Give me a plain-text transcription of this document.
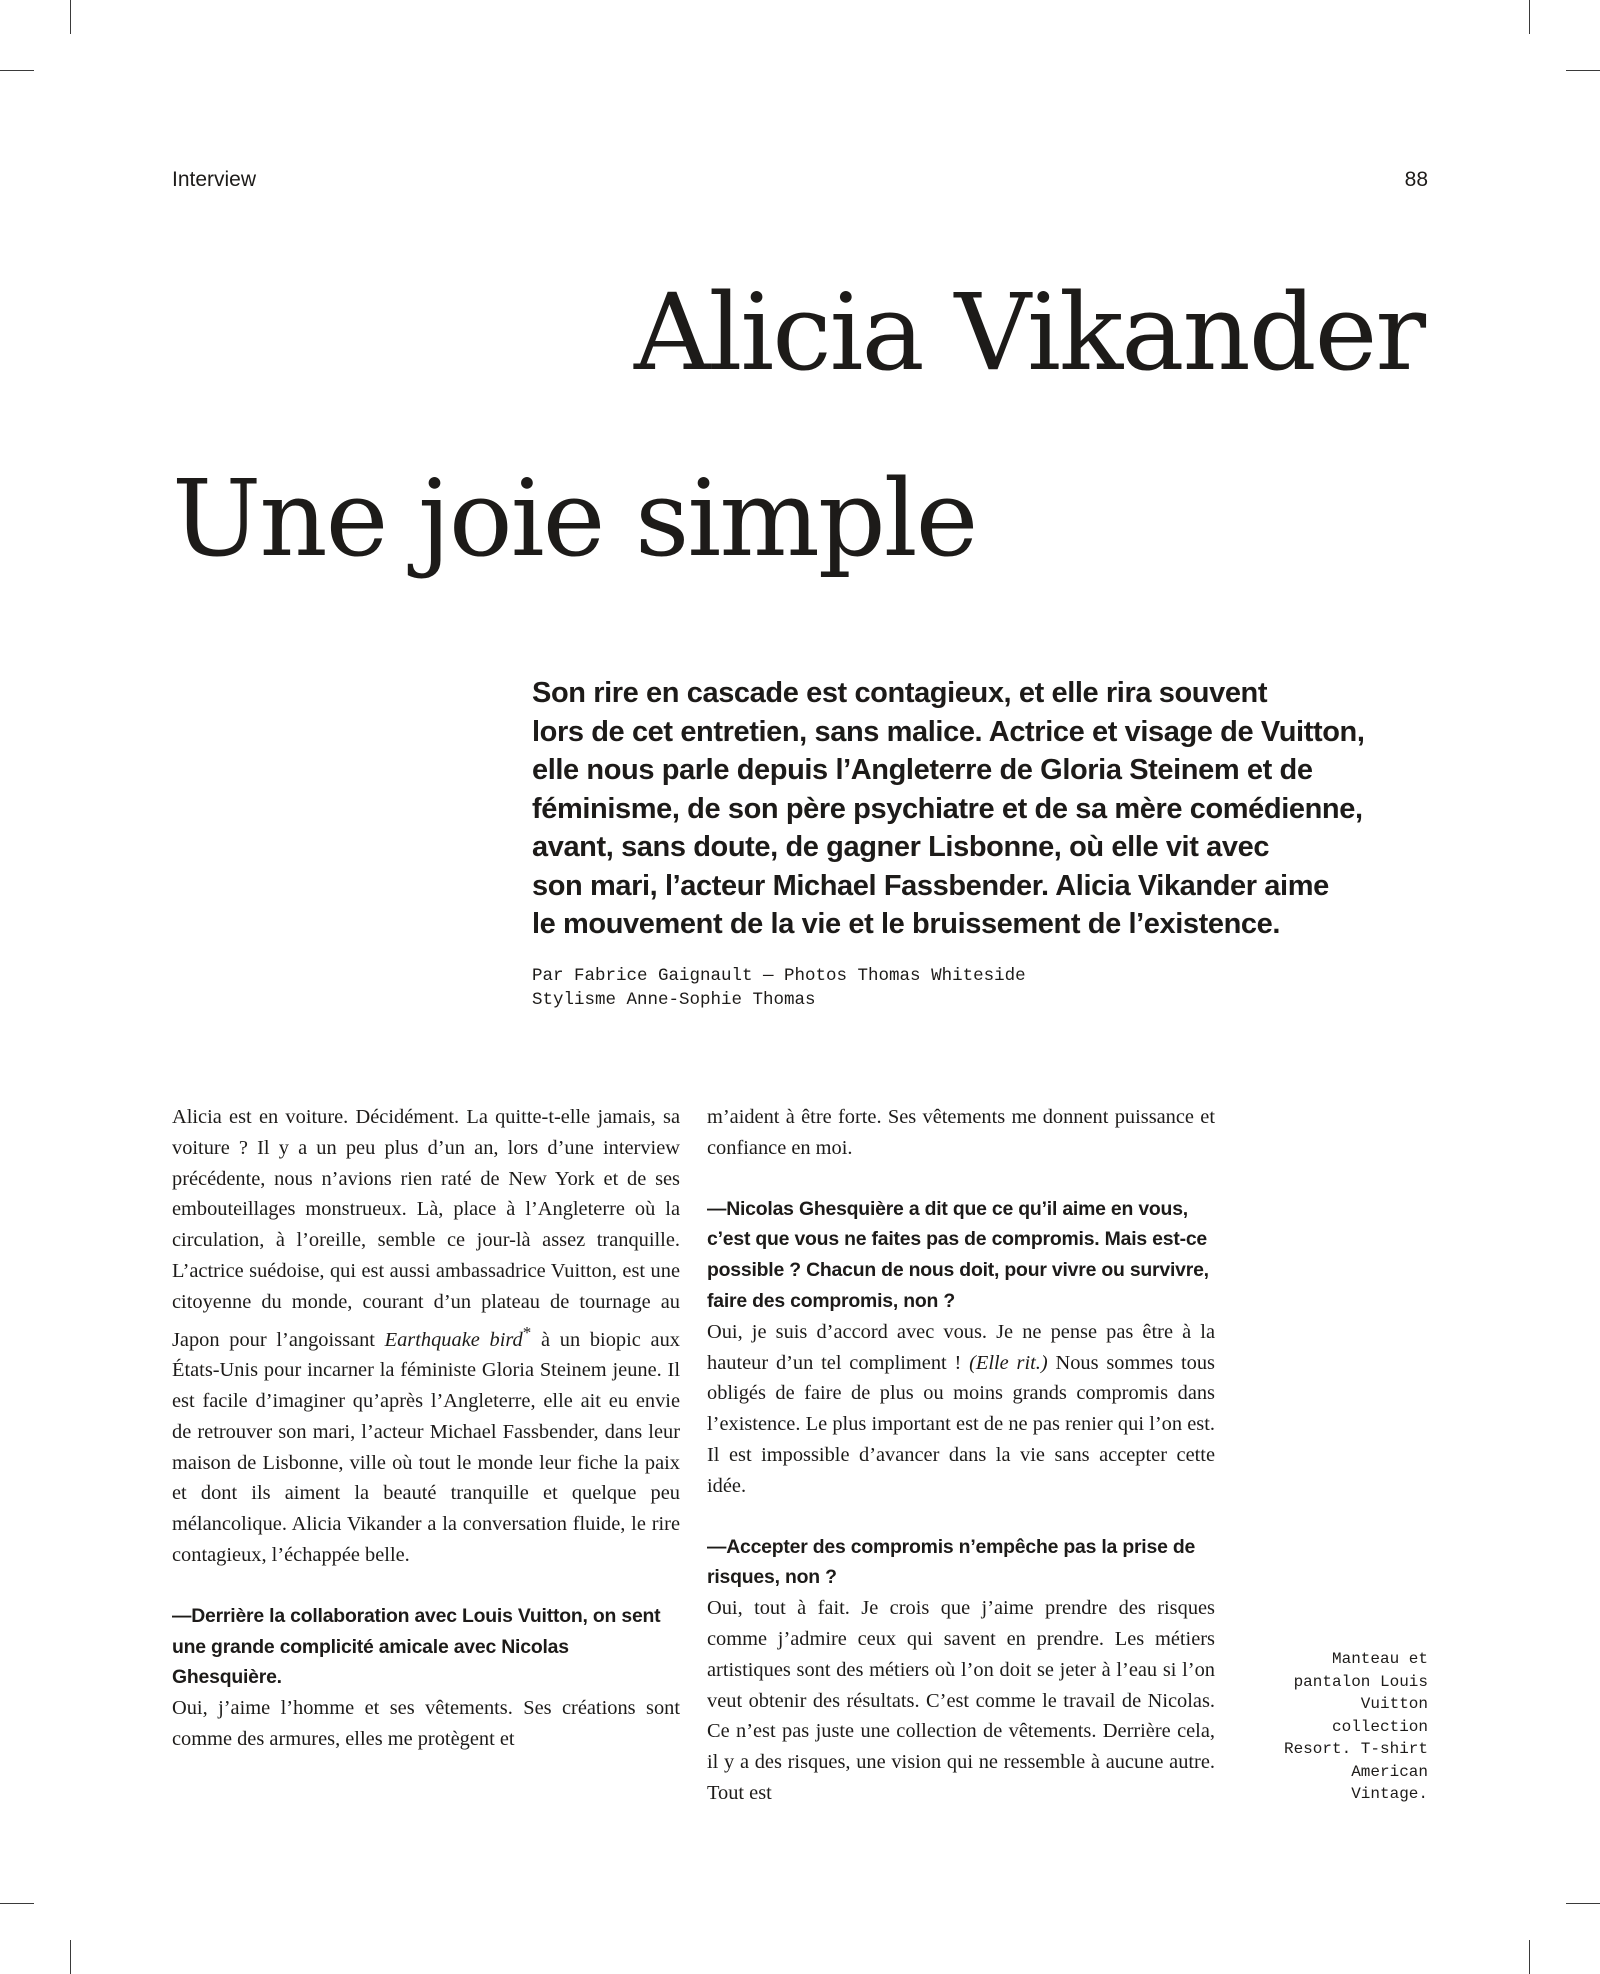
Interview	88
Alicia Vikander
Une joie simple

Son rire en cascade est contagieux, et elle rira souvent
lors de cet entretien, sans malice. Actrice et visage de Vuitton,
elle nous parle depuis l’Angleterre de Gloria Steinem et de
féminisme, de son père psychiatre et de sa mère comédienne,
avant, sans doute, de gagner Lisbonne, où elle vit avec
son mari, l’acteur Michael Fassbender. Alicia Vikander aime
le mouvement de la vie et le bruissement de l’existence.

Par Fabrice Gaignault — Photos Thomas Whiteside
Stylisme Anne-Sophie Thomas

Alicia est en voiture. Décidément. La quitte-t-elle jamais, sa voiture ? Il y a un peu plus d’un an, lors d’une interview précédente, nous n’avions rien raté de New York et de ses embouteillages monstrueux. Là, place à l’Angleterre où la circulation, à l’oreille, semble ce jour-là assez tranquille. L’actrice suédoise, qui est aussi ambassadrice Vuitton, est une citoyenne du monde, courant d’un plateau de tournage au Japon pour l’angoissant Earthquake bird* à un biopic aux États-Unis pour incarner la féministe Gloria Steinem jeune. Il est facile d’imaginer qu’après l’Angleterre, elle ait eu envie de retrouver son mari, l’acteur Michael Fassbender, dans leur maison de Lisbonne, ville où tout le monde leur fiche la paix et dont ils aiment la beauté tranquille et quelque peu mélancolique. Alicia Vikander a la conversation fluide, le rire contagieux, l’échappée belle.

—Derrière la collaboration avec Louis Vuitton, on sent une grande complicité amicale avec Nicolas Ghesquière.

Oui, j’aime l’homme et ses vêtements. Ses créations sont comme des armures, elles me protègent et

m’aident à être forte. Ses vêtements me donnent puissance et confiance en moi.

—Nicolas Ghesquière a dit que ce qu’il aime en vous, c’est que vous ne faites pas de compromis. Mais est-ce possible ? Chacun de nous doit, pour vivre ou survivre, faire des compromis, non ?

Oui, je suis d’accord avec vous. Je ne pense pas être à la hauteur d’un tel compliment ! (Elle rit.) Nous sommes tous obligés de faire de plus ou moins grands compromis dans l’existence. Le plus important est de ne pas renier qui l’on est. Il est impossible d’avancer dans la vie sans accepter cette idée.

—Accepter des compromis n’empêche pas la prise de risques, non ?

Oui, tout à fait. Je crois que j’aime prendre des risques comme j’admire ceux qui savent en prendre. Les métiers artistiques sont des métiers où l’on doit se jeter à l’eau si l’on veut obtenir des résultats. C’est comme le travail de Nicolas. Ce n’est pas juste une collection de vêtements. Derrière cela, il y a des risques, une vision qui ne ressemble à aucune autre. Tout est

Manteau et
pantalon Louis
Vuitton
collection
Resort. T-shirt
American
Vintage.
